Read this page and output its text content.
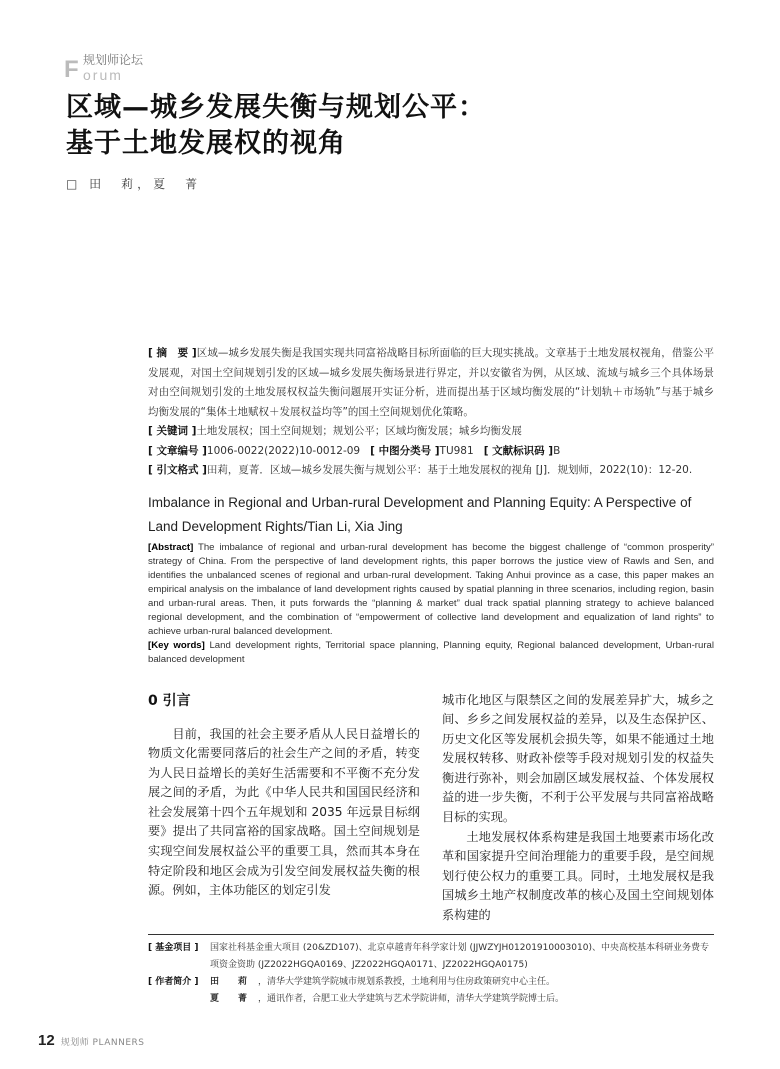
F 规划师论坛
orum
区域—城乡发展失衡与规划公平：
基于土地发展权的视角
□ 田　莉，夏　菁
[ 摘　要 ]区域—城乡发展失衡是我国实现共同富裕战略目标所面临的巨大现实挑战。文章基于土地发展权视角，借鉴公平发展观，对国土空间规划引发的区域—城乡发展失衡场景进行界定，并以安徽省为例，从区域、流域与城乡三个具体场景对由空间规划引发的土地发展权权益失衡问题展开实证分析，进而提出基于区域均衡发展的“计划轨＋市场轨”与基于城乡均衡发展的“集体土地赋权＋发展权益均等”的国土空间规划优化策略。
[ 关键词 ]土地发展权；国土空间规划；规划公平；区域均衡发展；城乡均衡发展
[ 文章编号 ]1006-0022(2022)10-0012-09 [ 中图分类号 ]TU981 [ 文献标识码 ]B
[ 引文格式 ]田莉，夏菁．区域—城乡发展失衡与规划公平：基于土地发展权的视角 [J]．规划师，2022(10)：12-20.
Imbalance in Regional and Urban-rural Development and Planning Equity: A Perspective of Land Development Rights/Tian Li, Xia Jing
[Abstract] The imbalance of regional and urban-rural development has become the biggest challenge of “common prosperity” strategy of China. From the perspective of land development rights, this paper borrows the justice view of Rawls and Sen, and identifies the unbalanced scenes of regional and urban-rural development. Taking Anhui province as a case, this paper makes an empirical analysis on the imbalance of land development rights caused by spatial planning in three scenarios, including region, basin and urban-rural areas. Then, it puts forwards the “planning & market” dual track spatial planning strategy to achieve balanced regional development, and the combination of “empowerment of collective land development and equalization of land rights” to achieve urban-rural balanced development.
[Key words] Land development rights, Territorial space planning, Planning equity, Regional balanced development, Urban-rural balanced development
0 引言

目前，我国的社会主要矛盾从人民日益增长的物质文化需要同落后的社会生产之间的矛盾，转变为人民日益增长的美好生活需要和不平衡不充分发展之间的矛盾，为此《中华人民共和国国民经济和社会发展第十四个五年规划和 2035 年远景目标纲要》提出了共同富裕的国家战略。国土空间规划是实现空间发展权益公平的重要工具，然而其本身在特定阶段和地区会成为引发空间发展权益失衡的根源。例如，主体功能区的划定引发

城市化地区与限禁区之间的发展差异扩大，城乡之间、乡乡之间发展权益的差异，以及生态保护区、历史文化区等发展机会损失等，如果不能通过土地发展权转移、财政补偿等手段对规划引发的权益失衡进行弥补，则会加剧区域发展权益、个体发展权益的进一步失衡，不利于公平发展与共同富裕战略目标的实现。

土地发展权体系构建是我国土地要素市场化改革和国家提升空间治理能力的重要手段，是空间规划行使公权力的重要工具。同时，土地发展权是我国城乡土地产权制度改革的核心及国土空间规划体系构建的

[ 基金项目 ]	国家社科基金重大项目 (20&ZD107)、北京卓越青年科学家计划 (JJWZYJH01201910003010)、中央高校基本科研业务费专项资金资助 (JZ2022HGQA0169、JZ2022HGQA0171、JZ2022HGQA0175)
[ 作者简介 ]	田　莉 ，清华大学建筑学院城市规划系教授，土地利用与住房政策研究中心主任。
夏　菁 ，通讯作者，合肥工业大学建筑与艺术学院讲师，清华大学建筑学院博士后。
12 规划师 PLANNERS
